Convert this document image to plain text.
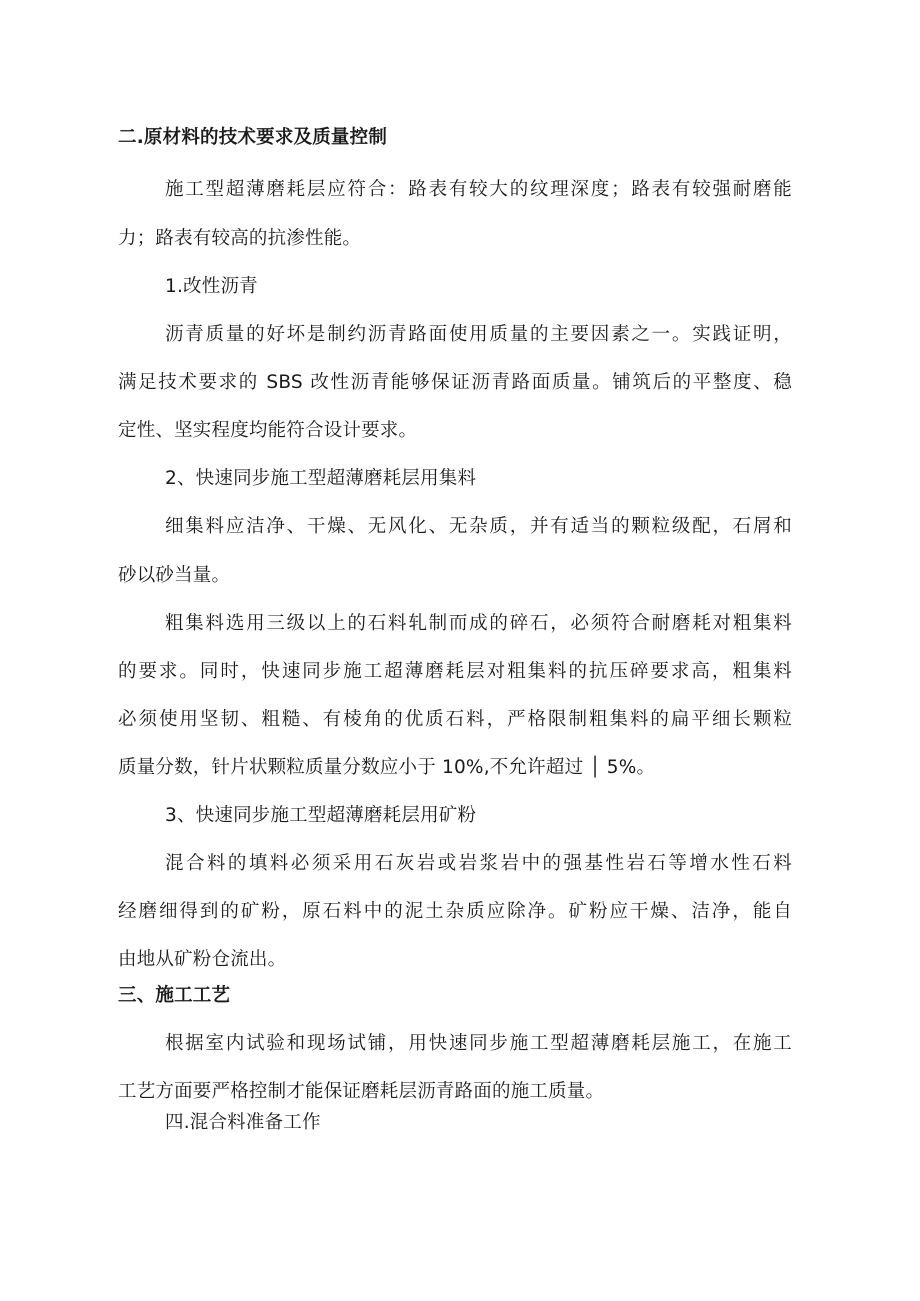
二.原材料的技术要求及质量控制
施工型超薄磨耗层应符合：路表有较大的纹理深度；路表有较强耐磨能
力；路表有较高的抗渗性能。
1.改性沥青
沥青质量的好坏是制约沥青路面使用质量的主要因素之一。实践证明，
满足技术要求的 SBS 改性沥青能够保证沥青路面质量。铺筑后的平整度、稳
定性、坚实程度均能符合设计要求。
2、快速同步施工型超薄磨耗层用集料
细集料应洁净、干燥、无风化、无杂质，并有适当的颗粒级配，石屑和
砂以砂当量。
粗集料选用三级以上的石料轧制而成的碎石，必须符合耐磨耗对粗集料
的要求。同时，快速同步施工超薄磨耗层对粗集料的抗压碎要求高，粗集料
必须使用坚韧、粗糙、有棱角的优质石料，严格限制粗集料的扁平细长颗粒
质量分数，针片状颗粒质量分数应小于 10%,不允许超过 │ 5%。
3、快速同步施工型超薄磨耗层用矿粉
混合料的填料必须采用石灰岩或岩浆岩中的强基性岩石等增水性石料
经磨细得到的矿粉，原石料中的泥土杂质应除净。矿粉应干燥、洁净，能自
由地从矿粉仓流出。
三、施工工艺
根据室内试验和现场试铺，用快速同步施工型超薄磨耗层施工，在施工
工艺方面要严格控制才能保证磨耗层沥青路面的施工质量。
四.混合料准备工作
